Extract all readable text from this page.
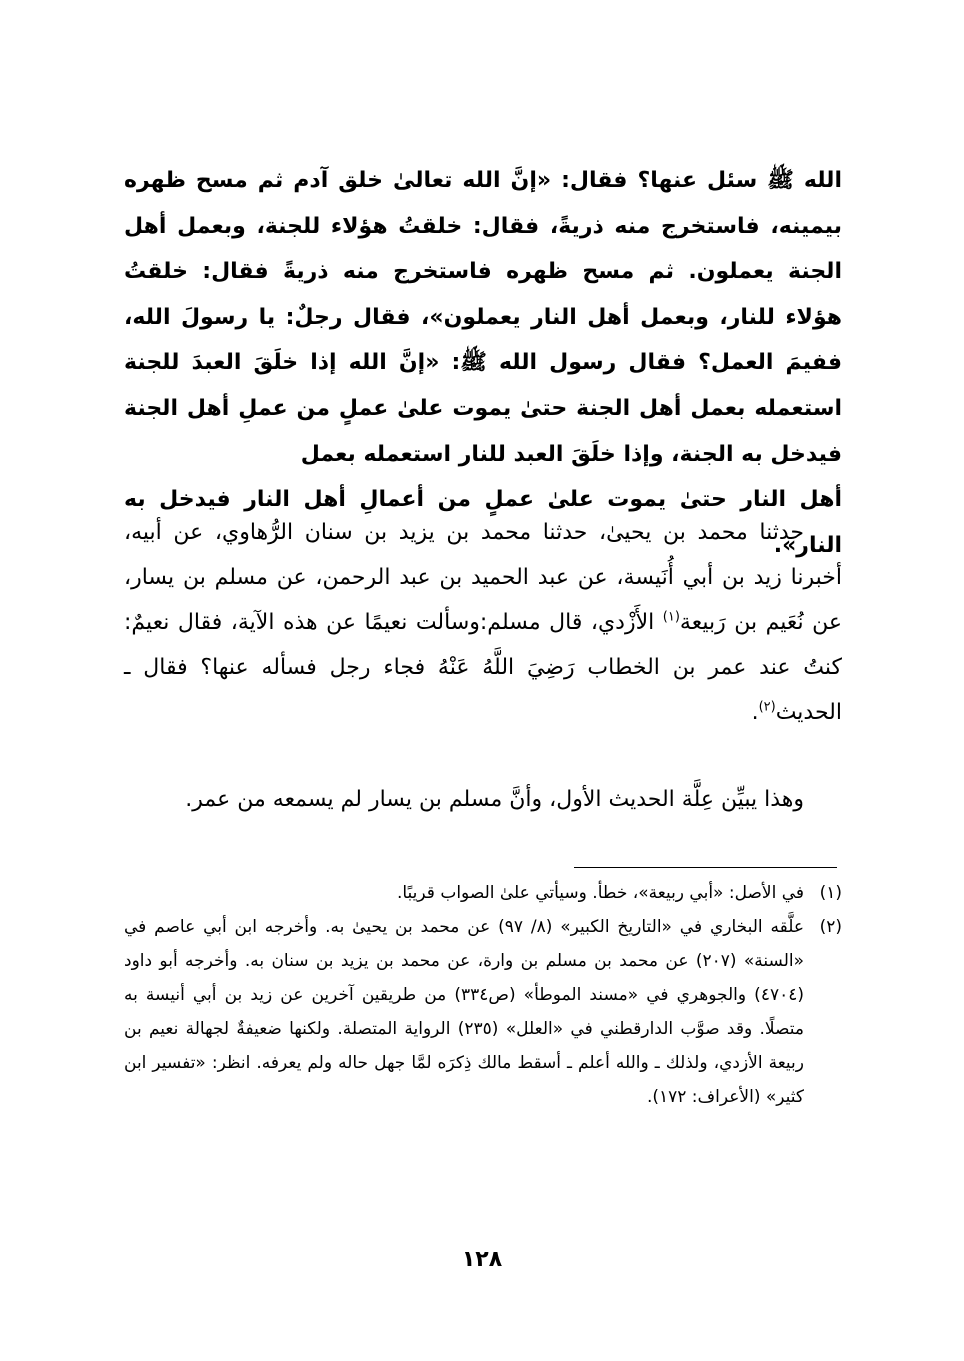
الله ﷺ سئل عنها؟ فقال: «إنَّ الله تعالىٰ خلق آدم ثم مسح ظهره بيمينه، فاستخرج منه ذريةً، فقال: خلقتُ هؤلاء للجنة، وبعمل أهل الجنة يعملون. ثم مسح ظهره فاستخرج منه ذريةً فقال: خلقتُ هؤلاء للنار، وبعمل أهل النار يعملون»، فقال رجلٌ: يا رسولَ الله، ففيمَ العمل؟ فقال رسول الله ﷺ: «إنَّ الله إذا خلَقَ العبدَ للجنة استعمله بعمل أهل الجنة حتىٰ يموت علىٰ عملٍ من عملِ أهل الجنة فيدخل به الجنة، وإذا خلَقَ العبد للنار استعمله بعمل
أهل النار حتىٰ يموت علىٰ عملٍ من أعمالِ أهل النار فيدخل به النار».
حدثنا محمد بن يحيىٰ، حدثنا محمد بن يزيد بن سنان الرُّهاوي، عن أبيه، أخبرنا زيد بن أبي أُنَيسة، عن عبد الحميد بن عبد الرحمن، عن مسلم بن يسار، عن نُعَيم بن رَبيعة$^{(١)}$ الأَزْدي، قال مسلم:وسألت نعيمًا عن هذه الآية، فقال نعيمٌ: كنتُ عند عمر بن الخطاب رَضِيَ اللَّهُ عَنْهُ فجاء رجل فسأله عنها؟ فقال ـ الحديث$^{(٢)}$.
وهذا يبيِّن عِلَّة الحديث الأول، وأنَّ مسلم بن يسار لم يسمعه من عمر.
(١)
في الأصل: «أبي ربيعة»، خطأ. وسيأتي علىٰ الصواب قريبًا.
(٢)
علَّقه البخاري في «التاريخ الكبير» (٨/ ٩٧) عن محمد بن يحيىٰ به. وأخرجه ابن أبي عاصم في «السنة» (٢٠٧) عن محمد بن مسلم بن وارة، عن محمد بن يزيد بن سنان به. وأخرجه أبو داود (٤٧٠٤) والجوهري في «مسند الموطأ» (ص٣٣٤) من طريقين آخرين عن زيد بن أبي أنيسة به متصلًا. وقد صوَّب الدارقطني في «العلل» (٢٣٥) الرواية المتصلة. ولكنها ضعيفةٌ لجهالة نعيم بن ربيعة الأزدي، ولذلك ـ والله أعلم ـ أسقط مالك ذِكرَه لمَّا جهل حاله ولم يعرفه. انظر: «تفسير ابن كثير» (الأعراف: ١٧٢).
١٢٨
